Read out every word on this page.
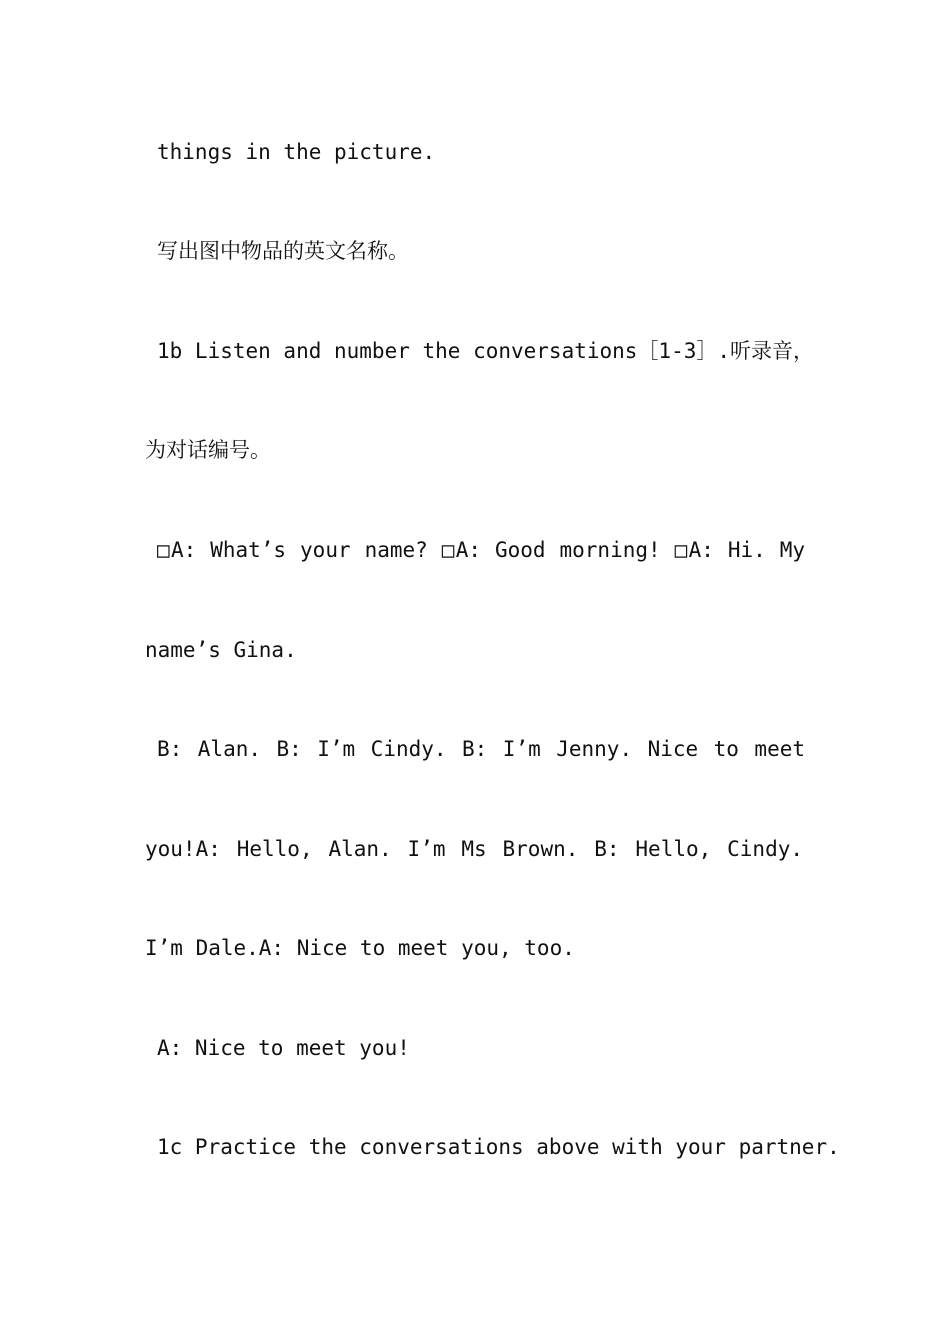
things in the picture.
写出图中物品的英文名称。
1b Listen and number the conversations［1-3］.听录音，
为对话编号。
□A: What’s your name? □A: Good morning! □A: Hi. My
name’s Gina.
B: Alan. B: I’m Cindy. B: I’m Jenny. Nice to meet
you!A: Hello, Alan. I’m Ms Brown. B: Hello, Cindy.
I’m Dale.A: Nice to meet you, too.
A: Nice to meet you!
1c Practice the conversations above with your partner.
